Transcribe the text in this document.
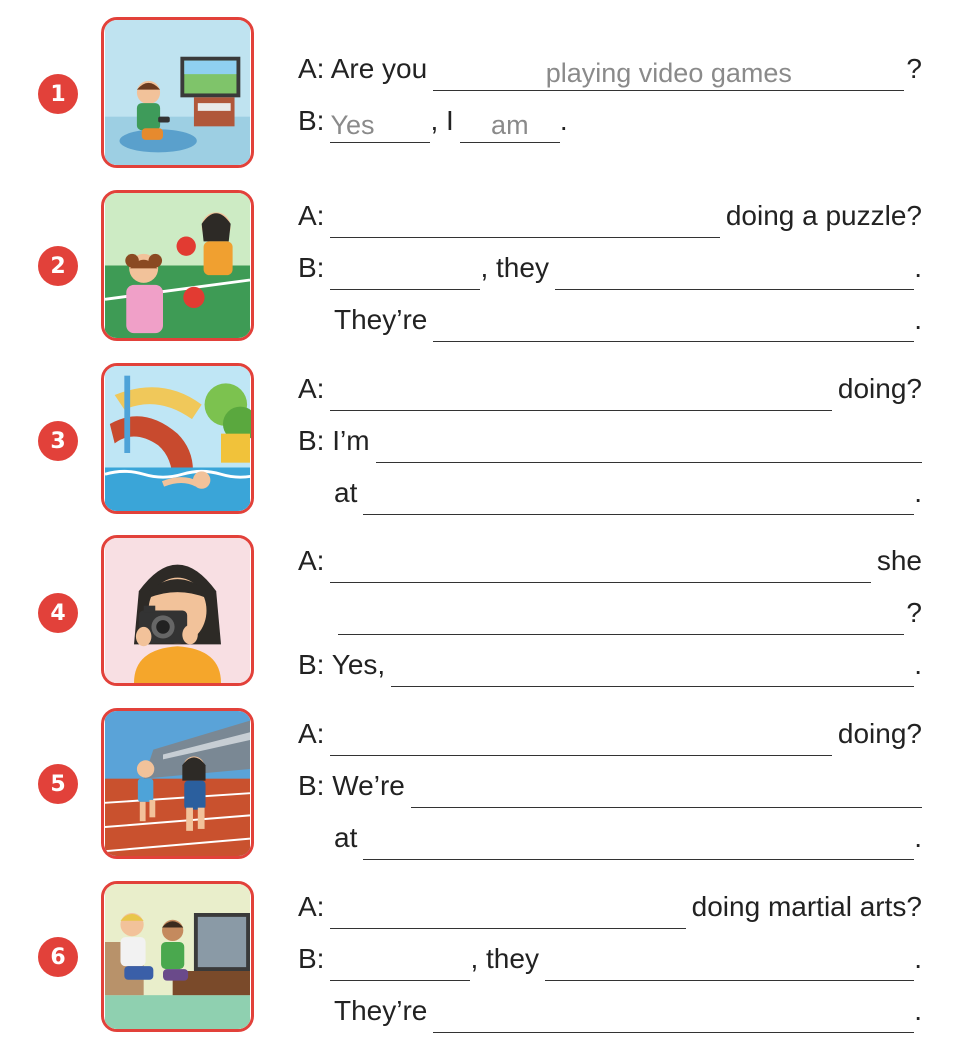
1
A: Are you	playing video games	?
B: Yes	, I	am	.
2
A:	doing a puzzle?
B:	, they	.
They’re	.
3
A:	doing?
B: I’m
at	.
4
A:	she
?
B: Yes,	.
5
A:	doing?
B: We’re
at	.
6
A:	doing martial arts?
B:	, they	.
They’re	.
